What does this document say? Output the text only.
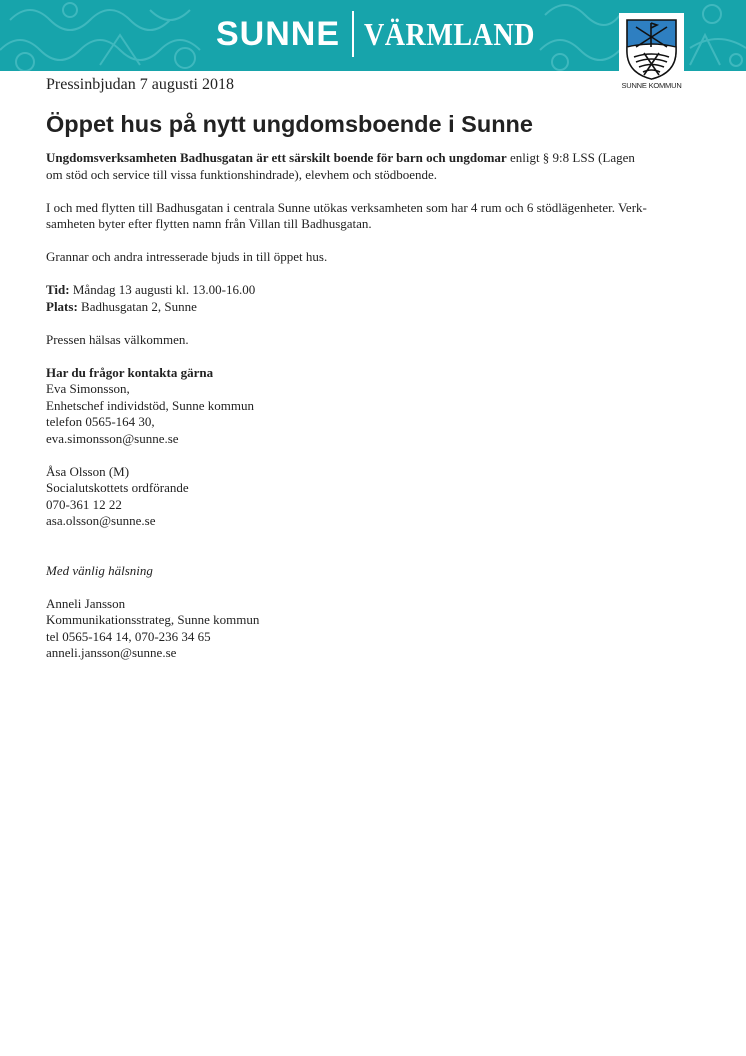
SUNNE VÄRMLAND
SUNNE KOMMUN
Pressinbjudan 7 augusti 2018
Öppet hus på nytt ungdomsboende i Sunne

Ungdomsverksamheten Badhusgatan är ett särskilt boende för barn och ungdomar enligt § 9:8 LSS (Lagen
om stöd och service till vissa funktionshindrade), elevhem och stödboende.

I och med flytten till Badhusgatan i centrala Sunne utökas verksamheten som har 4 rum och 6 stödlägenheter. Verk-
samheten byter efter flytten namn från Villan till Badhusgatan.

Grannar och andra intresserade bjuds in till öppet hus.

Tid: Måndag 13 augusti kl. 13.00-16.00
Plats: Badhusgatan 2, Sunne

Pressen hälsas välkommen.

Har du frågor kontakta gärna
Eva Simonsson,
Enhetschef individstöd, Sunne kommun
telefon 0565-164 30,
eva.simonsson@sunne.se

Åsa Olsson (M)
Socialutskottets ordförande
070-361 12 22
asa.olsson@sunne.se

Med vänlig hälsning

Anneli Jansson
Kommunikationsstrateg, Sunne kommun
tel 0565-164 14, 070-236 34 65
anneli.jansson@sunne.se
